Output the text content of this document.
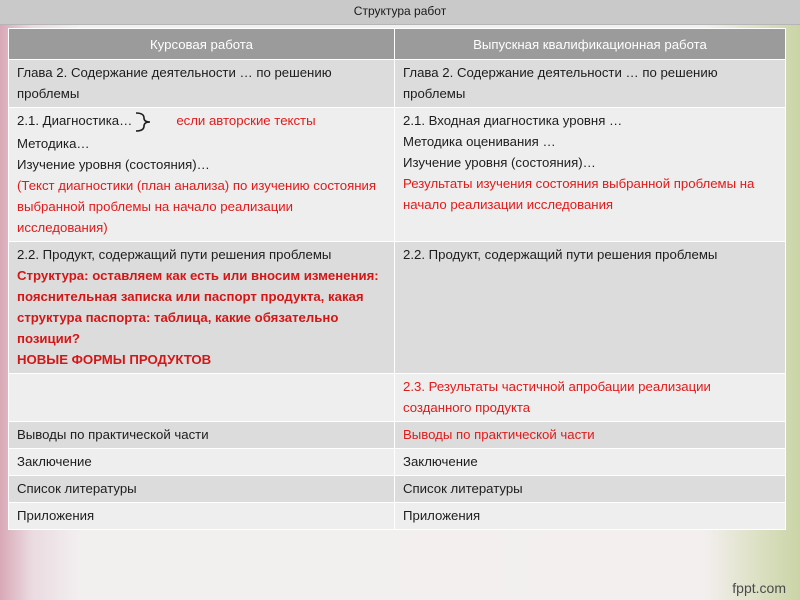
Структура работ
Курсовая работа	Выпускная квалификационная работа
Глава 2. Содержание деятельности … по решению проблемы	Глава 2. Содержание деятельности … по решению проблемы

2.1. Диагностика… если авторские тексты
Методика…
Изучение уровня (состояния)…
(Текст диагностики (план анализа) по изучению состояния выбранной проблемы на начало реализации исследования)	2.1. Входная диагностика уровня …
Методика оценивания …
Изучение уровня (состояния)…
Результаты изучения состояния выбранной проблемы на начало реализации исследования

2.2. Продукт, содержащий пути решения проблемы
Структура: оставляем как есть или вносим изменения: пояснительная записка или паспорт продукта, какая структура паспорта: таблица, какие обязательно позиции?
НОВЫЕ ФОРМЫ ПРОДУКТОВ	2.2. Продукт, содержащий пути решения проблемы
	2.3. Результаты частичной апробации реализации созданного продукта
Выводы по практической части	Выводы по практической части
Заключение	Заключение
Список литературы	Список литературы
Приложения	Приложения
fppt.com
